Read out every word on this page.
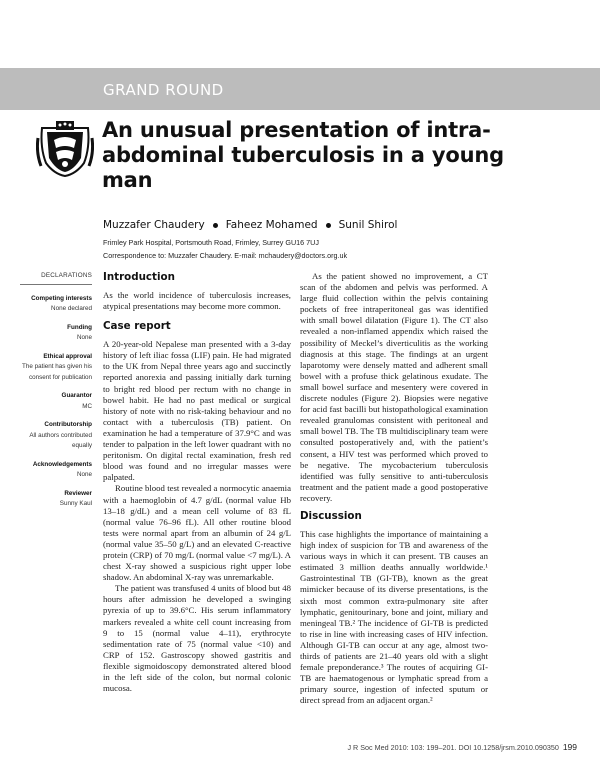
GRAND ROUND
An unusual presentation of intra-abdominal tuberculosis in a young man
Muzzafer Chaudery Faheez Mohamed Sunil Shirol
Frimley Park Hospital, Portsmouth Road, Frimley, Surrey GU16 7UJ
Correspondence to: Muzzafer Chaudery. E-mail: mchaudery@doctors.org.uk
DECLARATIONS
Competing interests
None declared
Funding
None
Ethical approval
The patient has given his consent for publication
Guarantor
MC
Contributorship
All authors contributed equally
Acknowledgements
None
Reviewer
Sunny Kaul
Introduction

As the world incidence of tuberculosis increases, atypical presentations may become more common.

Case report

A 20-year-old Nepalese man presented with a 3-day history of left iliac fossa (LIF) pain. He had migrated to the UK from Nepal three years ago and succinctly reported anorexia and passing initially dark turning to bright red blood per rectum with no change in bowel habit. He had no past medical or surgical history of note with no risk-taking behaviour and no contact with a tuberculosis (TB) patient. On examination he had a temperature of 37.9°C and was tender to palpation in the left lower quadrant with no peritonism. On digital rectal examination, fresh red blood was found and no irregular masses were palpated.

Routine blood test revealed a normocytic anaemia with a haemoglobin of 4.7 g/dL (normal value Hb 13–18 g/dL) and a mean cell volume of 83 fL (normal value 76–96 fL). All other routine blood tests were normal apart from an albumin of 24 g/L (normal value 35–50 g/L) and an elevated C-reactive protein (CRP) of 70 mg/L (normal value <7 mg/L). A chest X-ray showed a suspicious right upper lobe shadow. An abdominal X-ray was unremarkable.

The patient was transfused 4 units of blood but 48 hours after admission he developed a swinging pyrexia of up to 39.6°C. His serum inflammatory markers revealed a white cell count increasing from 9 to 15 (normal value 4–11), erythrocyte sedimentation rate of 75 (normal value <10) and CRP of 152. Gastroscopy showed gastritis and flexible sigmoidoscopy demonstrated altered blood in the left side of the colon, but normal colonic mucosa.

As the patient showed no improvement, a CT scan of the abdomen and pelvis was performed. A large fluid collection within the pelvis containing pockets of free intraperitoneal gas was identified with small bowel dilatation (Figure 1). The CT also revealed a non-inflamed appendix which raised the possibility of Meckel’s diverticulitis as the working diagnosis at this stage. The findings at an urgent laparotomy were densely matted and adherent small bowel with a profuse thick gelatinous exudate. The small bowel surface and mesentery were covered in discrete nodules (Figure 2). Biopsies were negative for acid fast bacilli but histopathological examination revealed granulomas consistent with peritoneal and small bowel TB. The TB multidisciplinary team were consulted postoperatively and, with the patient’s consent, a HIV test was performed which proved to be negative. The mycobacterium tuberculosis identified was fully sensitive to anti-tuberculosis treatment and the patient made a good postoperative recovery.

Discussion

This case highlights the importance of maintaining a high index of suspicion for TB and awareness of the various ways in which it can present. TB causes an estimated 3 million deaths annually worldwide.¹ Gastrointestinal TB (GI-TB), known as the great mimicker because of its diverse presentations, is the sixth most common extra-pulmonary site after lymphatic, genitourinary, bone and joint, miliary and meningeal TB.² The incidence of GI-TB is predicted to rise in line with increasing cases of HIV infection. Although GI-TB can occur at any age, almost two-thirds of patients are 21–40 years old with a slight female preponderance.³ The routes of acquiring GI-TB are haematogenous or lymphatic spread from a primary source, ingestion of infected sputum or direct spread from an adjacent organ.²

J R Soc Med 2010: 103: 199–201. DOI 10.1258/jrsm.2010.090350 199
